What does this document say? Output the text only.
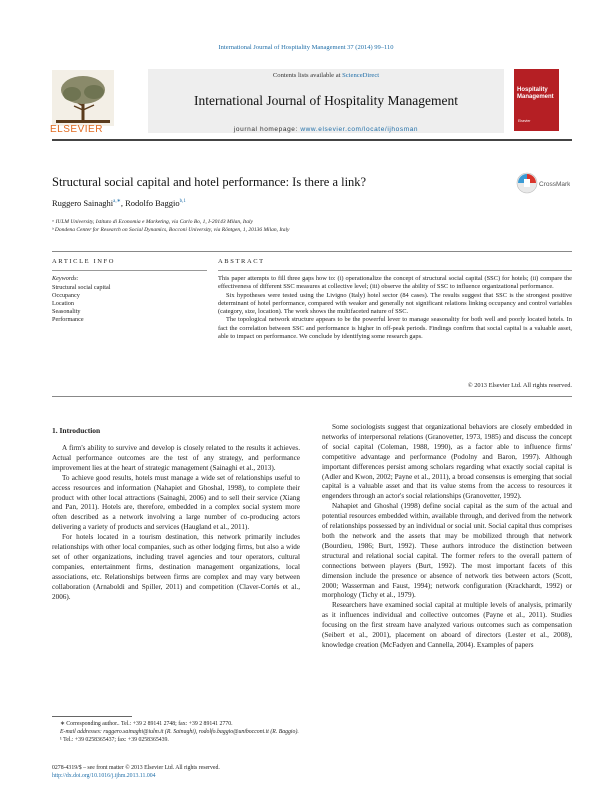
International Journal of Hospitality Management 37 (2014) 99–110
ELSEVIER
Contents lists available at ScienceDirect
International Journal of Hospitality Management
journal homepage: www.elsevier.com/locate/ijhosman
Hospitality Management
Elsevier
Structural social capital and hotel performance: Is there a link?	CrossMark
Ruggero Sainaghi$^{a,∗}$, Rodolfo Baggio$^{b,1}$
ᵃ IULM University, Istituto di Economia e Marketing, via Carlo Bo, 1, I-20143 Milan, Italy
ᵇ Dondena Center for Research on Social Dynamics, Bocconi University, via Röntgen, 1, 20136 Milan, Italy
ARTICLE INFO	ABSTRACT
Keywords:
Structural social capital
Occupancy
Location
Seasonality
Performance

This paper attempts to fill three gaps how to: (i) operationalize the concept of structural social capital (SSC) for hotels; (ii) compare the effectiveness of different SSC measures at collective level; (iii) observe the ability of SSC to influence organizational performance.

Six hypotheses were tested using the Livigno (Italy) hotel sector (84 cases). The results suggest that SSC is the strongest positive determinant of hotel performance, compared with weaker and generally not significant relations linking occupancy and control variables (category, size, location). The work shows the multifaceted nature of SSC.

The topological network structure appears to be the powerful lever to manage seasonality for both well and poorly located hotels. In fact the correlation between SSC and performance is higher in off-peak periods. Findings confirm that social capital is a valuable asset, able to impact on performance. We conclude by identifying some research gaps.

© 2013 Elsevier Ltd. All rights reserved.
1. Introduction

A firm's ability to survive and develop is closely related to the results it achieves. Actual performance outcomes are the test of any strategy, and performance improvement lies at the heart of strategic management (Sainaghi et al., 2013).

To achieve good results, hotels must manage a wide set of relationships useful to access resources and information (Nahapiet and Ghoshal, 1998), to complete their product with other local attractions (Sainaghi, 2006) and to sell their service (Xiang and Pan, 2011). Hotels are, therefore, embedded in a complex social system more often described as a network involving a large number of co-producing actors delivering a variety of products and services (Haugland et al., 2011).

For hotels located in a tourism destination, this network primarily includes relationships with other local companies, such as other lodging firms, but also a wide set of other organizations, including travel agencies and tour operators, cultural companies, entertainment firms, destination management organizations, local associations, etc. Relationships between firms are complex and may vary between collaboration (Arnaboldi and Spiller, 2011) and competition (Claver-Cortés et al., 2006).

Some sociologists suggest that organizational behaviors are closely embedded in networks of interpersonal relations (Granovetter, 1973, 1985) and discuss the concept of social capital (Coleman, 1988, 1990), as a factor able to influence firms' competitive advantage and performance (Podolny and Baron, 1997). Although important differences persist among scholars regarding what exactly social capital is (Adler and Kwon, 2002; Payne et al., 2011), a broad consensus is emerging that social capital is a valuable asset and that its value stems from the access to resources it engenders through an actor's social relationships (Granovetter, 1992).

Nahapiet and Ghoshal (1998) define social capital as the sum of the actual and potential resources embedded within, available through, and derived from the network of relationships possessed by an individual or social unit. Social capital thus comprises both the network and the assets that may be mobilized through that network (Bourdieu, 1986; Burt, 1992). These authors introduce the distinction between structural and relational social capital. The former refers to the overall pattern of connections between players (Burt, 1992). The most important facets of this dimension include the presence or absence of network ties between actors (Scott, 2000; Wasserman and Faust, 1994); network configuration (Krackhardt, 1992) or morphology (Tichy et al., 1979).

Researchers have examined social capital at multiple levels of analysis, primarily as it influences individual and collective outcomes (Payne et al., 2011). Studies focusing on the first stream have analyzed various outcomes such as compensation (Seibert et al., 2001), placement on aboard of directors (Lester et al., 2008), knowledge creation (McFadyen and Cannella, 2004). Examples of papers

∗ Corresponding author.. Tel.: +39 2 89141 2748; fax: +39 2 89141 2770.
E-mail addresses: ruggero.sainaghi@iulm.it (R. Sainaghi), rodolfo.baggio@unibocconi.it (R. Baggio).
¹ Tel.: +39 0258365437; fax: +39 0258365439.
0278-4319/$ – see front matter © 2013 Elsevier Ltd. All rights reserved.
http://dx.doi.org/10.1016/j.ijhm.2013.11.004
